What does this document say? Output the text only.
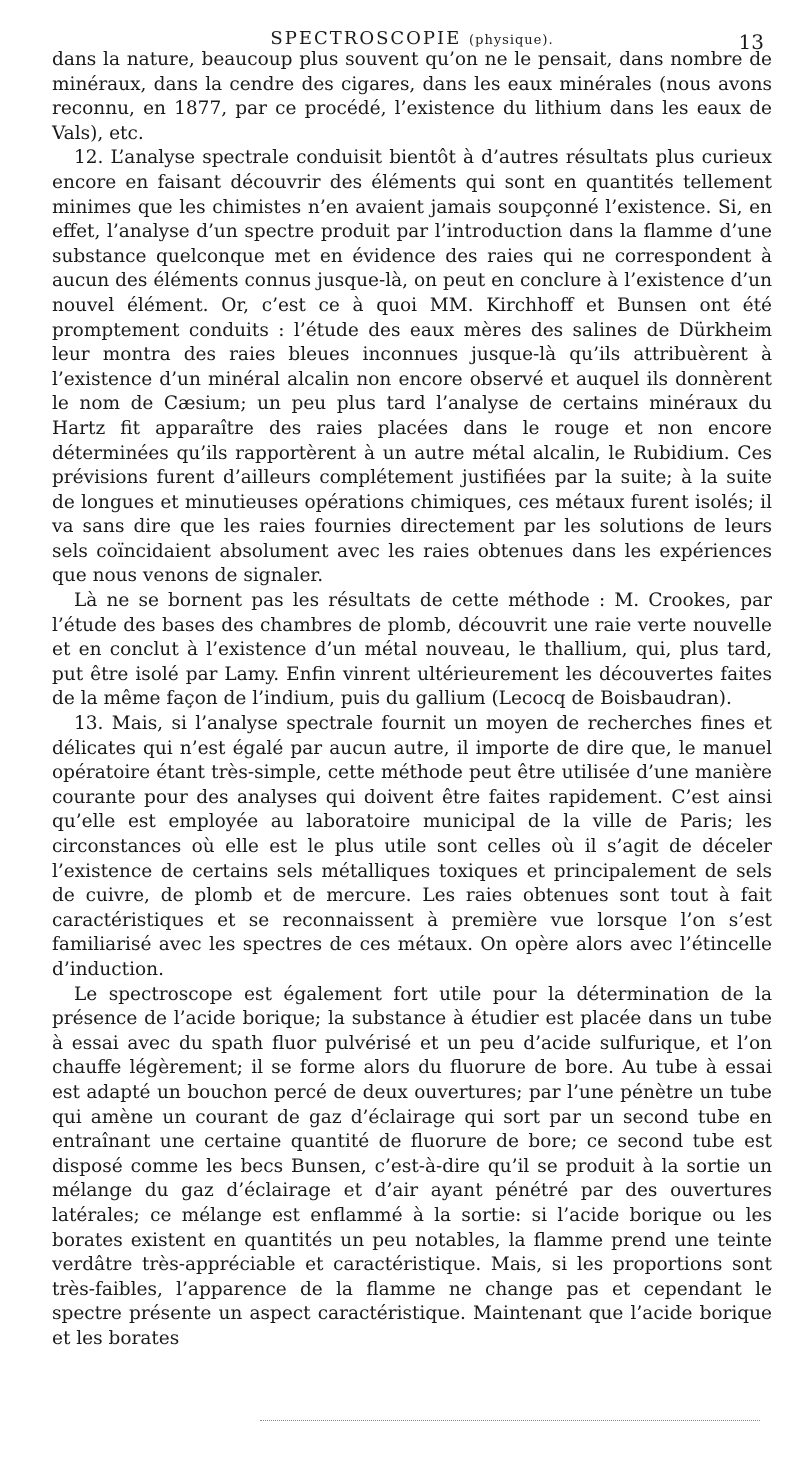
SPECTROSCOPIE (physique).	13

dans la nature, beaucoup plus souvent qu’on ne le pensait, dans nombre de minéraux, dans la cendre des cigares, dans les eaux minérales (nous avons reconnu, en 1877, par ce procédé, l’existence du lithium dans les eaux de Vals), etc.

12. L’analyse spectrale conduisit bientôt à d’autres résultats plus curieux encore en faisant découvrir des éléments qui sont en quantités tellement minimes que les chimistes n’en avaient jamais soupçonné l’existence. Si, en effet, l’analyse d’un spectre produit par l’introduction dans la flamme d’une substance quelconque met en évidence des raies qui ne correspondent à aucun des éléments connus jusque-là, on peut en conclure à l’existence d’un nouvel élément. Or, c’est ce à quoi MM. Kirchhoff et Bunsen ont été promptement conduits : l’étude des eaux mères des salines de Dürkheim leur montra des raies bleues inconnues jusque-là qu’ils attribuèrent à l’existence d’un minéral alcalin non encore observé et auquel ils donnèrent le nom de Cæsium; un peu plus tard l’analyse de certains minéraux du Hartz fit apparaître des raies placées dans le rouge et non encore déterminées qu’ils rapportèrent à un autre métal alcalin, le Rubidium. Ces prévisions furent d’ailleurs complétement justifiées par la suite; à la suite de longues et minutieuses opérations chimiques, ces métaux furent isolés; il va sans dire que les raies fournies directement par les solutions de leurs sels coïncidaient absolument avec les raies obtenues dans les expériences que nous venons de signaler.

Là ne se bornent pas les résultats de cette méthode : M. Crookes, par l’étude des bases des chambres de plomb, découvrit une raie verte nouvelle et en conclut à l’existence d’un métal nouveau, le thallium, qui, plus tard, put être isolé par Lamy. Enfin vinrent ultérieurement les découvertes faites de la même façon de l’indium, puis du gallium (Lecocq de Boisbaudran).

13. Mais, si l’analyse spectrale fournit un moyen de recherches fines et délicates qui n’est égalé par aucun autre, il importe de dire que, le manuel opératoire étant très-simple, cette méthode peut être utilisée d’une manière courante pour des analyses qui doivent être faites rapidement. C’est ainsi qu’elle est employée au laboratoire municipal de la ville de Paris; les circonstances où elle est le plus utile sont celles où il s’agit de déceler l’existence de certains sels métalliques toxiques et principalement de sels de cuivre, de plomb et de mercure. Les raies obtenues sont tout à fait caractéristiques et se reconnaissent à première vue lorsque l’on s’est familiarisé avec les spectres de ces métaux. On opère alors avec l’étincelle d’induction.

Le spectroscope est également fort utile pour la détermination de la présence de l’acide borique; la substance à étudier est placée dans un tube à essai avec du spath fluor pulvérisé et un peu d’acide sulfurique, et l’on chauffe légèrement; il se forme alors du fluorure de bore. Au tube à essai est adapté un bouchon percé de deux ouvertures; par l’une pénètre un tube qui amène un courant de gaz d’éclairage qui sort par un second tube en entraînant une certaine quantité de fluorure de bore; ce second tube est disposé comme les becs Bunsen, c’est-à-dire qu’il se produit à la sortie un mélange du gaz d’éclairage et d’air ayant pénétré par des ouvertures latérales; ce mélange est enflammé à la sortie: si l’acide borique ou les borates existent en quantités un peu notables, la flamme prend une teinte verdâtre très-appréciable et caractéristique. Mais, si les proportions sont très-faibles, l’apparence de la flamme ne change pas et cependant le spectre présente un aspect caractéristique. Maintenant que l’acide borique et les borates
